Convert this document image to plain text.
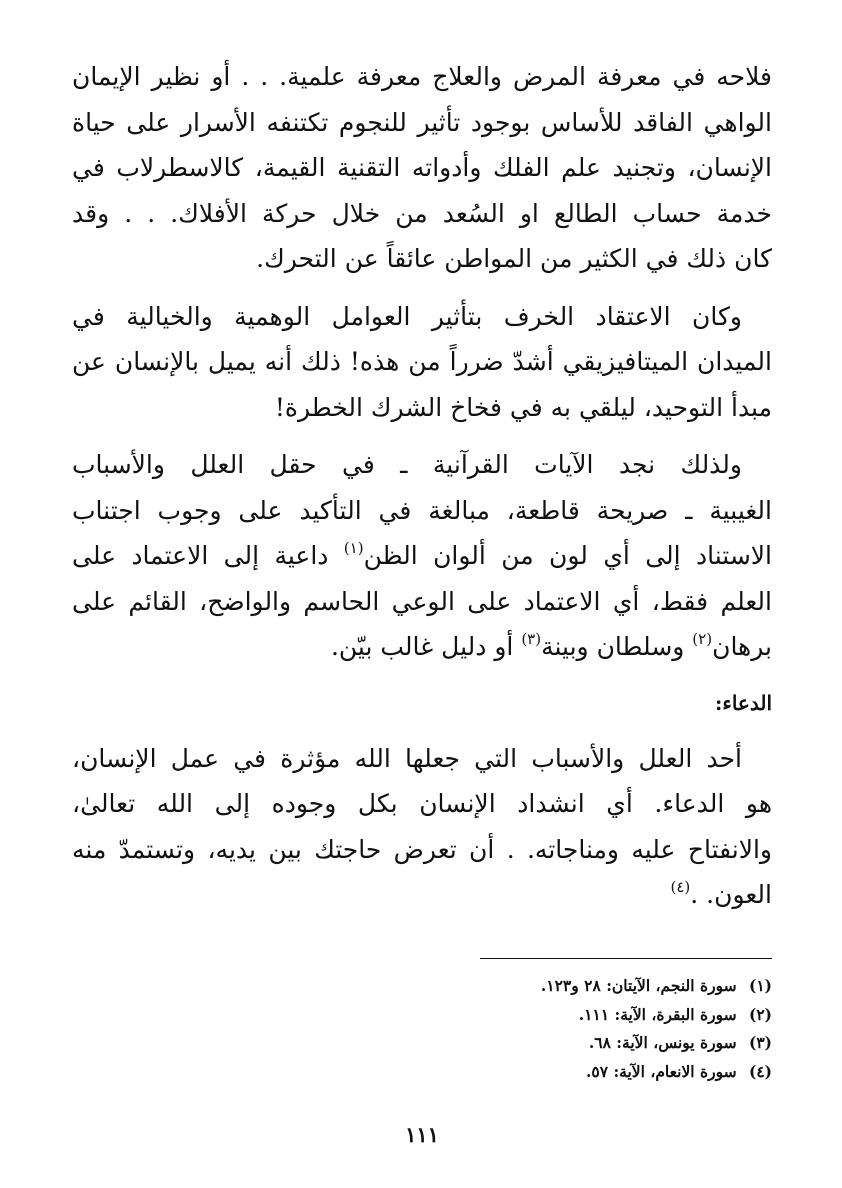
فلاحه في معرفة المرض والعلاج معرفة علمية. . . أو نظير الإيمان
الواهي الفاقد للأساس بوجود تأثير للنجوم تكتنفه الأسرار على حياة
الإنسان، وتجنيد علم الفلك وأدواته التقنية القيمة، كالاسطرلاب في
خدمة حساب الطالع او السُعد من خلال حركة الأفلاك. . . وقد
كان ذلك في الكثير من المواطن عائقاً عن التحرك.

وكان الاعتقاد الخرف بتأثير العوامل الوهمية والخيالية في
الميدان الميتافيزيقي أشدّ ضرراً من هذه! ذلك أنه يميل بالإنسان عن
مبدأ التوحيد، ليلقي به في فخاخ الشرك الخطرة!

ولذلك نجد الآيات القرآنية ـ في حقل العلل والأسباب
الغيبية ـ صريحة قاطعة، مبالغة في التأكيد على وجوب اجتناب
الاستناد إلى أي لون من ألوان الظن$^{(١)}$ داعية إلى الاعتماد على
العلم فقط، أي الاعتماد على الوعي الحاسم والواضح، القائم على
برهان$^{(٢)}$ وسلطان وبينة$^{(٣)}$ أو دليل غالب بيّن.

الدعاء:

أحد العلل والأسباب التي جعلها الله مؤثرة في عمل الإنسان،
هو الدعاء. أي انشداد الإنسان بكل وجوده إلى الله تعالىٰ،
والانفتاح عليه ومناجاته. . أن تعرض حاجتك بين يديه، وتستمدّ منه
العون. .$^{(٤)}$

(١) سورة النجم، الآيتان: ٢٨ و١٢٣.
(٢) سورة البقرة، الآية: ١١١.
(٣) سورة يونس، الآية: ٦٨.
(٤) سورة الانعام، الآية: ٥٧.
١١١
